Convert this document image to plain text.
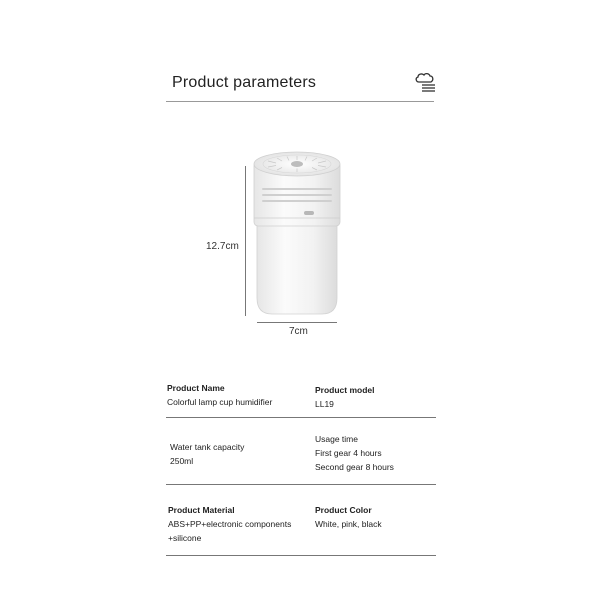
Product parameters
12.7cm
7cm
Product Name
Colorful lamp cup humidifier
Product model
LL19
Water tank capacity
250ml
Usage time
First gear 4 hours
Second gear 8 hours
Product Material
ABS+PP+electronic components
+silicone
Product Color
White, pink, black
